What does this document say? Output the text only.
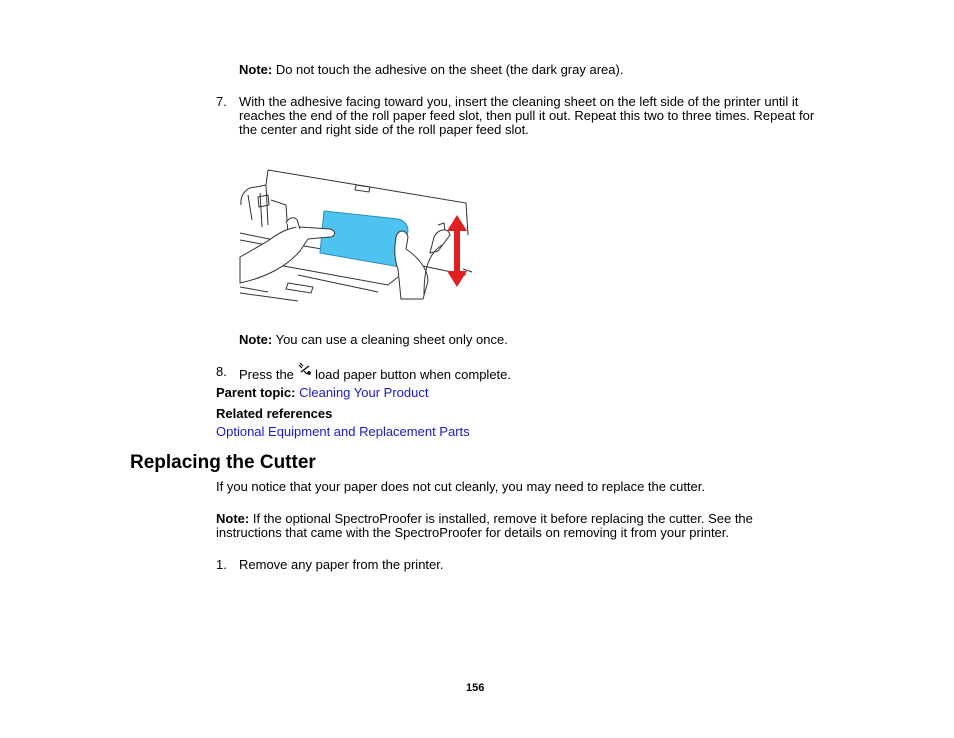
Note: Do not touch the adhesive on the sheet (the dark gray area).
7. With the adhesive facing toward you, insert the cleaning sheet on the left side of the printer until it
reaches the end of the roll paper feed slot, then pull it out. Repeat this two to three times. Repeat for
the center and right side of the roll paper feed slot.
Note: You can use a cleaning sheet only once.
8. Press the  load paper button when complete.
Parent topic: Cleaning Your Product
Related references
Optional Equipment and Replacement Parts
Replacing the Cutter
If you notice that your paper does not cut cleanly, you may need to replace the cutter.
Note: If the optional SpectroProofer is installed, remove it before replacing the cutter. See the
instructions that came with the SpectroProofer for details on removing it from your printer.
1. Remove any paper from the printer.
156
